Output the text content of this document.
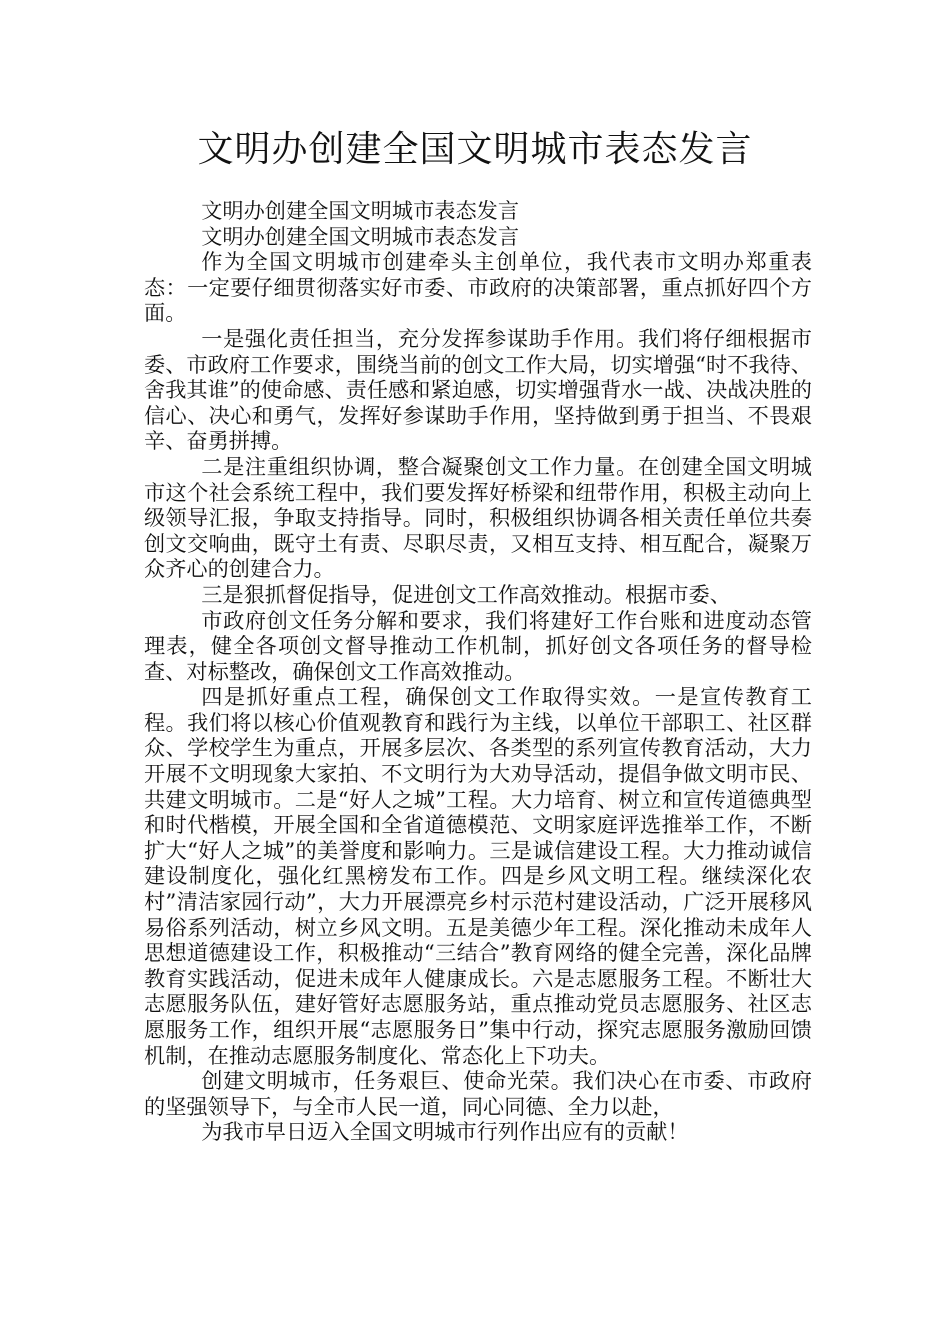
文明办创建全国文明城市表态发言

文明办创建全国文明城市表态发言

文明办创建全国文明城市表态发言

作为全国文明城市创建牵头主创单位，我代表市文明办郑重表态：一定要仔细贯彻落实好市委、市政府的决策部署，重点抓好四个方面。

一是强化责任担当，充分发挥参谋助手作用。我们将仔细根据市委、市政府工作要求，围绕当前的创文工作大局，切实增强“时不我待、舍我其谁”的使命感、责任感和紧迫感，切实增强背水一战、决战决胜的信心、决心和勇气，发挥好参谋助手作用，坚持做到勇于担当、不畏艰辛、奋勇拼搏。

二是注重组织协调，整合凝聚创文工作力量。在创建全国文明城市这个社会系统工程中，我们要发挥好桥梁和纽带作用，积极主动向上级领导汇报，争取支持指导。同时，积极组织协调各相关责任单位共奏创文交响曲，既守土有责、尽职尽责，又相互支持、相互配合，凝聚万众齐心的创建合力。

三是狠抓督促指导，促进创文工作高效推动。根据市委、

市政府创文任务分解和要求，我们将建好工作台账和进度动态管理表，健全各项创文督导推动工作机制，抓好创文各项任务的督导检查、对标整改，确保创文工作高效推动。

四是抓好重点工程，确保创文工作取得实效。一是宣传教育工程。我们将以核心价值观教育和践行为主线，以单位干部职工、社区群众、学校学生为重点，开展多层次、各类型的系列宣传教育活动，大力开展不文明现象大家拍、不文明行为大劝导活动，提倡争做文明市民、共建文明城市。二是“好人之城”工程。大力培育、树立和宣传道德典型和时代楷模，开展全国和全省道德模范、文明家庭评选推举工作，不断扩大“好人之城”的美誉度和影响力。三是诚信建设工程。大力推动诚信建设制度化，强化红黑榜发布工作。四是乡风文明工程。继续深化农村”清洁家园行动”，大力开展漂亮乡村示范村建设活动，广泛开展移风易俗系列活动，树立乡风文明。五是美德少年工程。深化推动未成年人思想道德建设工作，积极推动“三结合”教育网络的健全完善，深化品牌教育实践活动，促进未成年人健康成长。六是志愿服务工程。不断壮大志愿服务队伍，建好管好志愿服务站，重点推动党员志愿服务、社区志愿服务工作，组织开展“志愿服务日”集中行动，探究志愿服务激励回馈机制，在推动志愿服务制度化、常态化上下功夫。

创建文明城市，任务艰巨、使命光荣。我们决心在市委、市政府的坚强领导下，与全市人民一道，同心同德、全力以赴，

为我市早日迈入全国文明城市行列作出应有的贡献！
